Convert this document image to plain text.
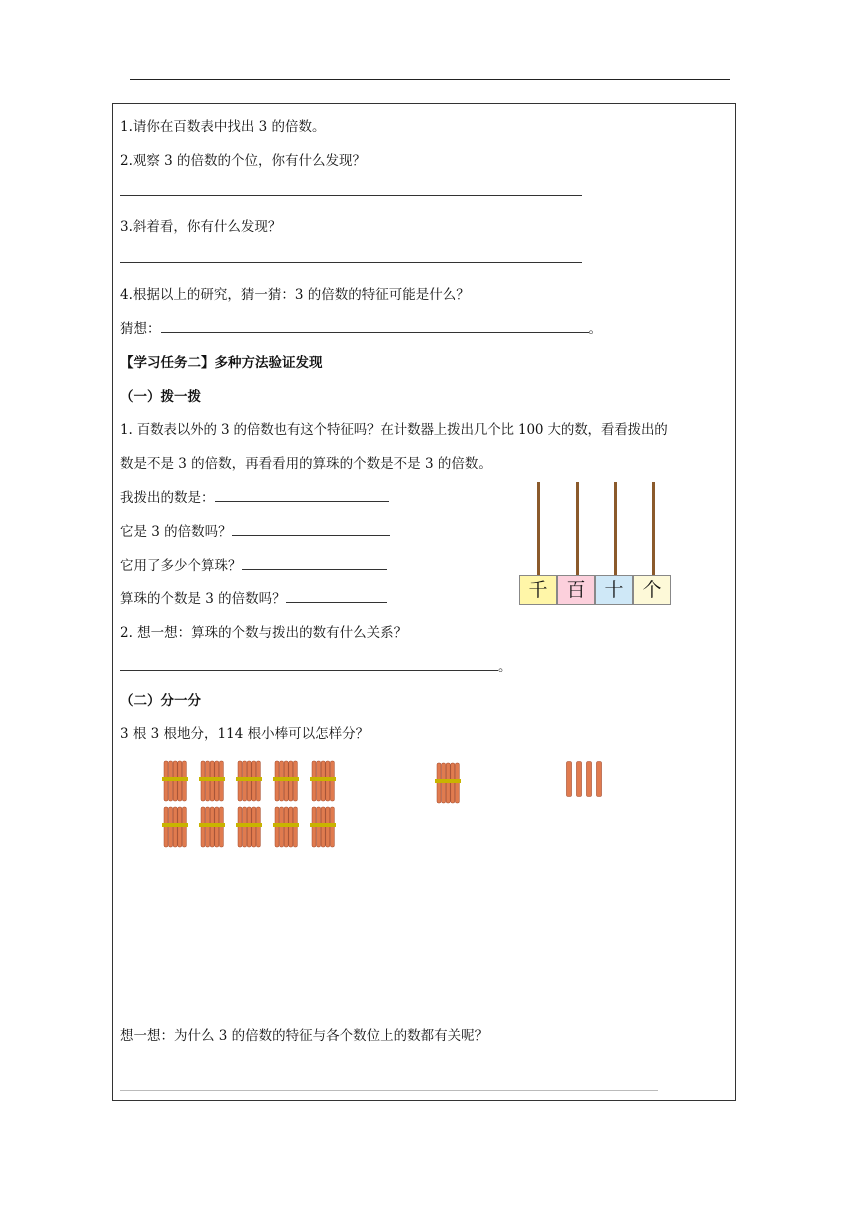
1.请你在百数表中找出 3 的倍数。
2.观察 3 的倍数的个位，你有什么发现？
3.斜着看，你有什么发现？
4.根据以上的研究，猜一猜：3 的倍数的特征可能是什么？
猜想：	。
【学习任务二】多种方法验证发现
（一）拨一拨
1. 百数表以外的 3 的倍数也有这个特征吗？在计数器上拨出几个比 100 大的数，看看拨出的
数是不是 3 的倍数，再看看用的算珠的个数是不是 3 的倍数。
我拨出的数是：
它是 3 的倍数吗？
它用了多少个算珠？
算珠的个数是 3 的倍数吗？	千 百 十 个
2. 想一想：算珠的个数与拨出的数有什么关系？
。
（二）分一分
3 根 3 根地分，114 根小棒可以怎样分？
想一想：为什么 3 的倍数的特征与各个数位上的数都有关呢？
